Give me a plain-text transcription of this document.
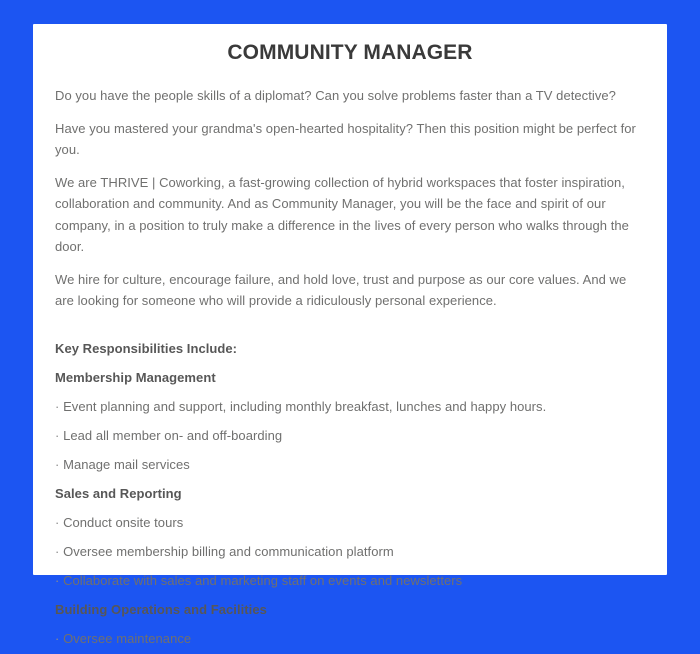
COMMUNITY MANAGER

Do you have the people skills of a diplomat? Can you solve problems faster than a TV detective?

Have you mastered your grandma's open-hearted hospitality? Then this position might be perfect for you.

We are THRIVE | Coworking, a fast-growing collection of hybrid workspaces that foster inspiration, collaboration and community. And as Community Manager, you will be the face and spirit of our company, in a position to truly make a difference in the lives of every person who walks through the door.

We hire for culture, encourage failure, and hold love, trust and purpose as our core values. And we are looking for someone who will provide a ridiculously personal experience.

Key Responsibilities Include:

Membership Management

· Event planning and support, including monthly breakfast, lunches and happy hours.

· Lead all member on- and off-boarding

· Manage mail services

Sales and Reporting

· Conduct onsite tours

· Oversee membership billing and communication platform

· Collaborate with sales and marketing staff on events and newsletters

Building Operations and Facilities

· Oversee maintenance
